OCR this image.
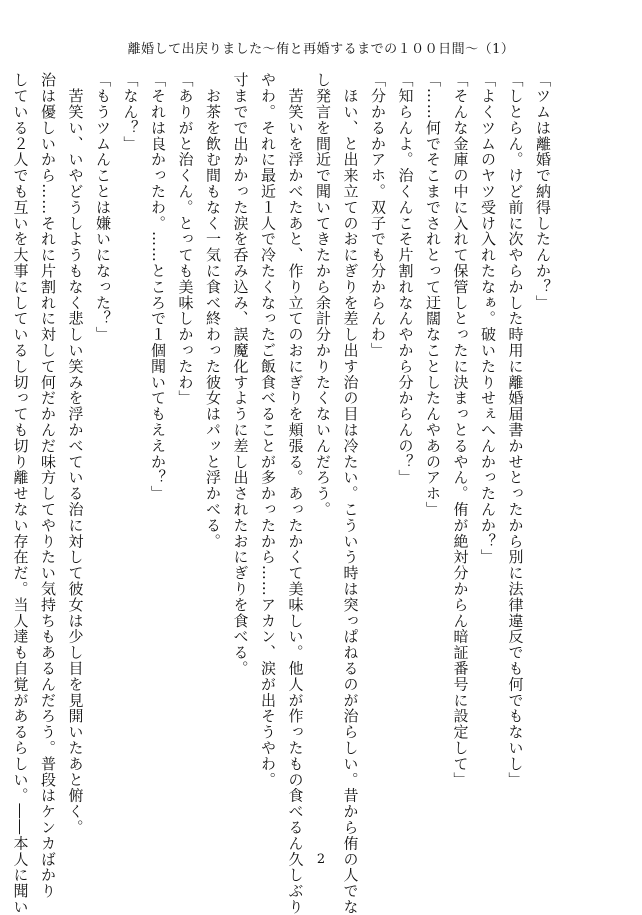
離婚して出戻りました〜侑と再婚するまでの１００日間〜（1）
「ツムは離婚で納得したんか？」
「しとらん。けど前に次やらかした時用に離婚届書かせとったから別に法律違反でも何でもないし」
「よくツムのヤツ受け入れたなぁ。破いたりせぇへんかったんか？」
「そんな金庫の中に入れて保管しとったに決まっとるやん。侑が絶対分からん暗証番号に設定して」
「……何でそこまでされとって迂闊なことしたんやあのアホ」
「知らんよ。治くんこそ片割れなんやから分からんの？」
「分かるかアホ。双子でも分からんわ」
　ほい、と出来立てのおにぎりを差し出す治の目は冷たい。こういう時は突っぱねるのが治らしい。昔から侑の人でな
し発言を間近で聞いてきたから余計分かりたくないんだろう。
　苦笑いを浮かべたあと、作り立てのおにぎりを頬張る。あったかくて美味しい。他人が作ったもの食べるん久しぶり
やわ。それに最近１人で冷たくなったご飯食べることが多かったから……アカン、涙が出そうやわ。
寸までで出かかった涙を呑み込み、誤魔化すように差し出されたおにぎりを食べる。
　お茶を飲む間もなく一気に食べ終わった彼女はパッと浮かべる。
「ありがと治くん。とっても美味しかったわ」
「それは良かったわ。……ところで１個聞いてもええか？」
「なん？」
「もうツムんことは嫌いになった？」
　苦笑い、いやどうしようもなく悲しい笑みを浮かべている治に対して彼女は少し目を見開いたあと俯く。
治は優しいから……それに片割れに対して何だかんだ味方してやりたい気持ちもあるんだろう。普段はケンカばかり
している２人でも互いを大事にしているし切っても切り離せない存在だ。当人達も自覚があるらしい。――本人に聞い	2
